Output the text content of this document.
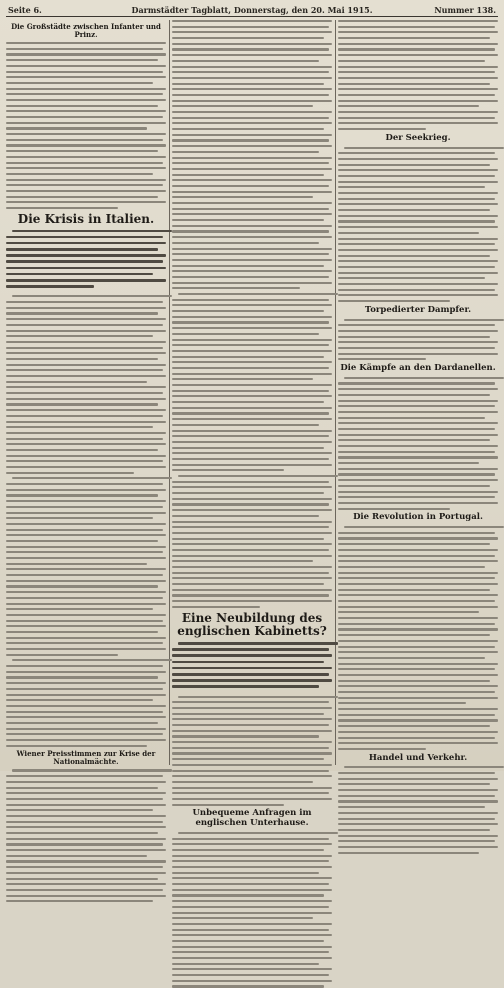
Seite 6.	Darmstädter Tagblatt, Donnerstag, den 20. Mai 1915.	Nummer 138.
Die Großstädte zwischen Infanter und Prinz.
Die Krisis in Italien.
Wiener Preisstimmen zur Krise der Nationalmächte.
Eine Neubildung des englischen Kabinetts?
Unbequeme Anfragen im englischen Unterhause.
Der Seekrieg.
Torpedierter Dampfer.
Die Kämpfe an den Dardanellen.
Die Revolution in Portugal.
Handel und Verkehr.
